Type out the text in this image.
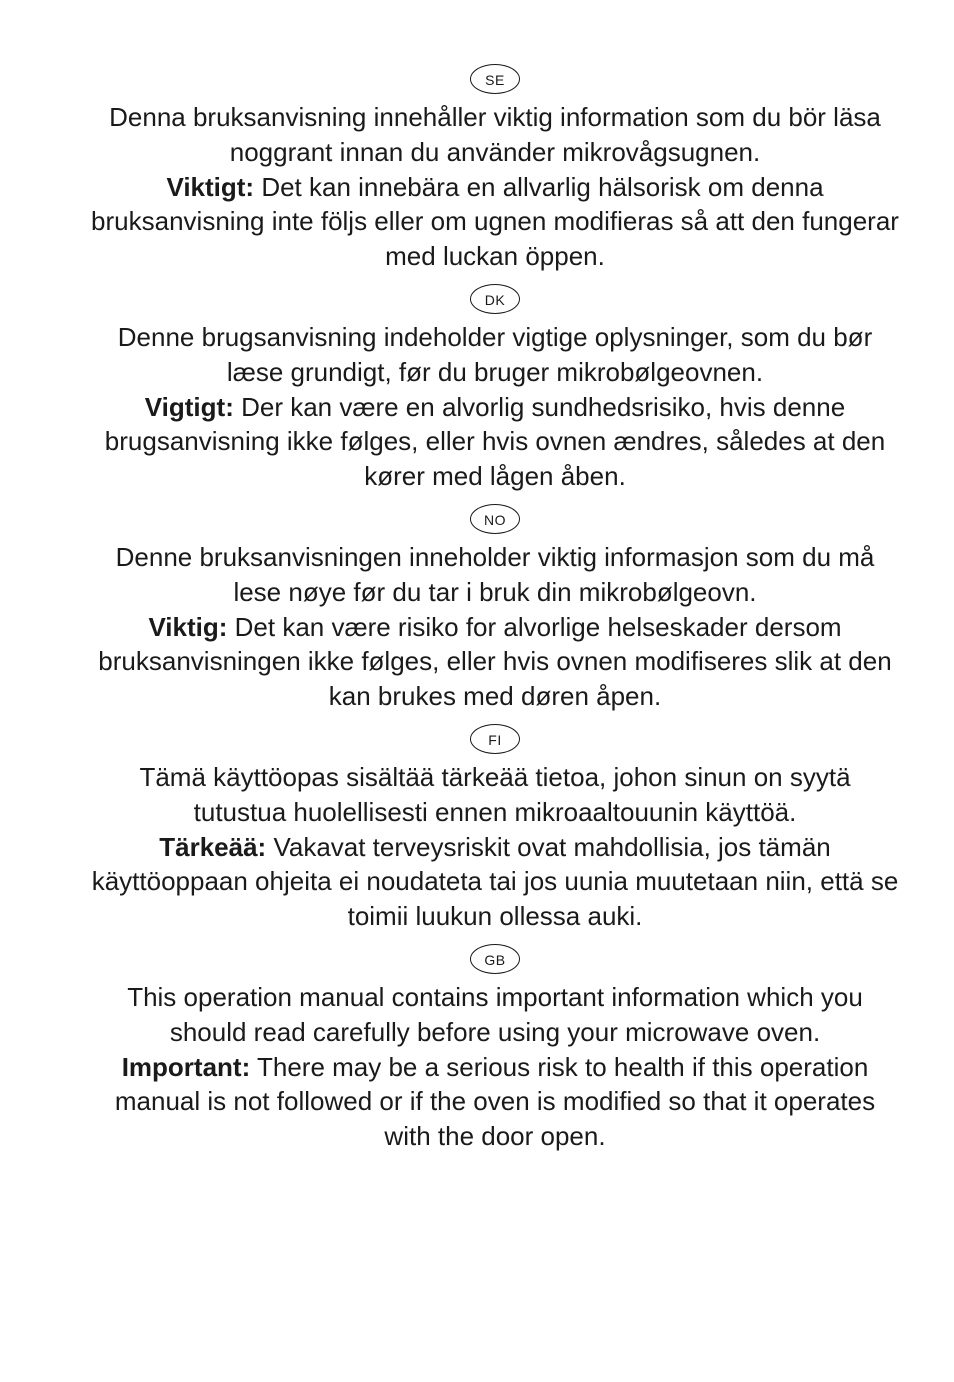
SE

Denna bruksanvisning innehåller viktig information som du bör läsa noggrant innan du använder mikrovågsugnen.
Viktigt: Det kan innebära en allvarlig hälsorisk om denna bruksanvisning inte följs eller om ugnen modifieras så att den fungerar med luckan öppen.

DK

Denne brugsanvisning indeholder vigtige oplysninger, som du bør læse grundigt, før du bruger mikrobølgeovnen.
Vigtigt: Der kan være en alvorlig sundhedsrisiko, hvis denne brugsanvisning ikke følges, eller hvis ovnen ændres, således at den kører med lågen åben.

NO

Denne bruksanvisningen inneholder viktig informasjon som du må lese nøye før du tar i bruk din mikrobølgeovn.
Viktig: Det kan være risiko for alvorlige helseskader dersom bruksanvisningen ikke følges, eller hvis ovnen modifiseres slik at den kan brukes med døren åpen.

FI

Tämä käyttöopas sisältää tärkeää tietoa, johon sinun on syytä tutustua huolellisesti ennen mikroaaltouunin käyttöä.
Tärkeää: Vakavat terveysriskit ovat mahdollisia, jos tämän käyttöoppaan ohjeita ei noudateta tai jos uunia muutetaan niin, että se toimii luukun ollessa auki.

GB

This operation manual contains important information which you should read carefully before using your microwave oven.
Important: There may be a serious risk to health if this operation manual is not followed or if the oven is modified so that it operates with the door open.
